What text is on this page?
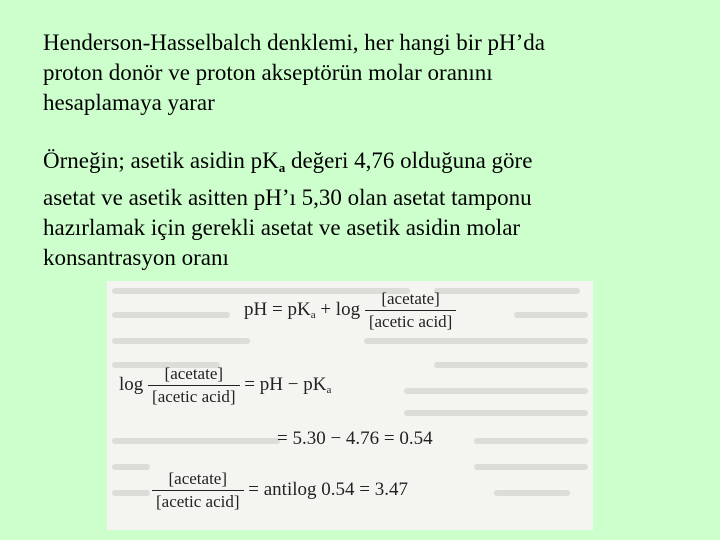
Henderson-Hasselbalch denklemi, her hangi bir pH’da
proton donör ve proton akseptörün molar oranını
hesaplamaya yarar
Örneğin; asetik asidin $pK_a$ değeri 4,76 olduğuna göre
asetat ve asetik asitten pH’ı 5,30 olan asetat tamponu
hazırlamak için gerekli asetat ve asetik asidin molar
konsantrasyon oranı
pH = pKa + $\log \frac{\text{[acetate]}}{\text{[acetic acid]}}$
$\log \frac{\text{[acetate]}}{\text{[acetic acid]}}$ = pH − pKa
= 5.30 − 4.76 = 0.54
$\frac{\text{[acetate]}}{\text{[acetic acid]}}$ = antilog 0.54 = 3.47
